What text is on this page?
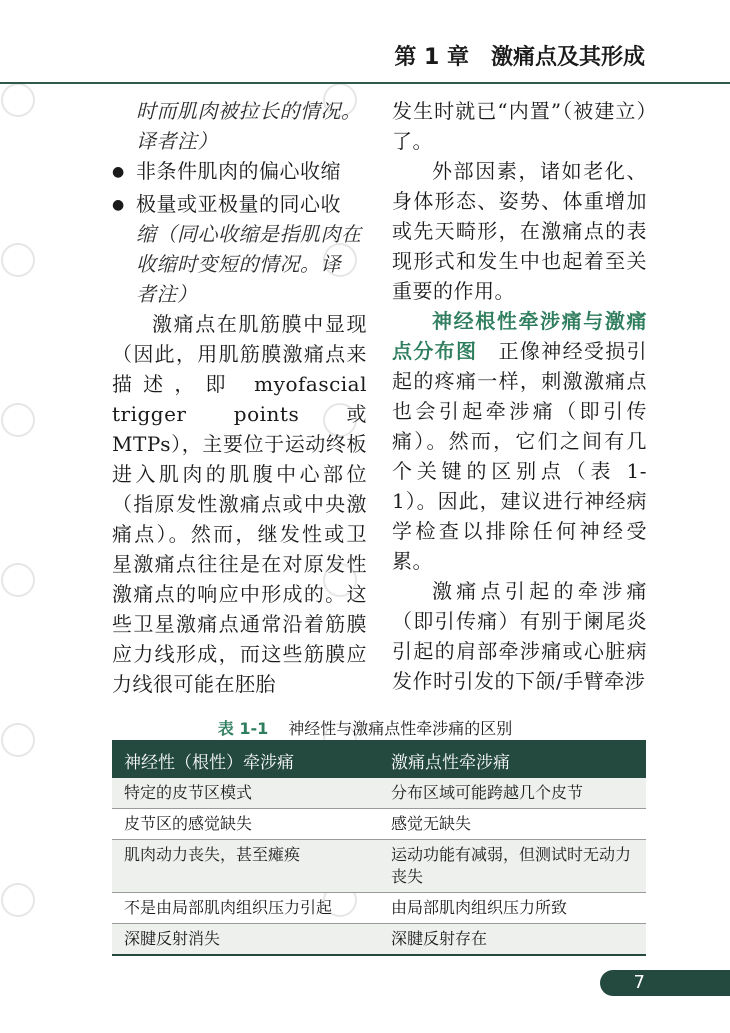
第 1 章　激痛点及其形成

时而肌肉被拉长的情况。
译者注）

●
非条件肌肉的偏心收缩
●
极量或亚极量的同心收
缩（同心收缩是指肌肉在
收缩时变短的情况。译
者注）

激痛点在肌筋膜中显现（因此，用肌筋膜激痛点来描述，即 myofascial trigger points 或 MTPs），主要位于运动终板进入肌肉的肌腹中心部位（指原发性激痛点或中央激痛点）。然而，继发性或卫星激痛点往往是在对原发性激痛点的响应中形成的。这些卫星激痛点通常沿着筋膜应力线形成，而这些筋膜应力线很可能在胚胎

发生时就已“内置”（被建立）了。

外部因素，诸如老化、身体形态、姿势、体重增加或先天畸形，在激痛点的表现形式和发生中也起着至关重要的作用。

神经根性牵涉痛与激痛点分布图　 正像神经受损引起的疼痛一样，刺激激痛点也会引起牵涉痛（即引传痛）。然而，它们之间有几个关键的区别点（表 1-1）。因此，建议进行神经病学检查以排除任何神经受累。

激痛点引起的牵涉痛（即引传痛）有别于阑尾炎引起的肩部牵涉痛或心脏病发作时引发的下颌/手臂牵涉

表 1-1 神经性与激痛点性牵涉痛的区别
神经性（根性）牵涉痛	激痛点性牵涉痛
特定的皮节区模式	分布区域可能跨越几个皮节
皮节区的感觉缺失	感觉无缺失
肌肉动力丧失，甚至瘫痪	运动功能有减弱，但测试时无动力丧失
不是由局部肌肉组织压力引起	由局部肌肉组织压力所致
深腱反射消失	深腱反射存在
7
